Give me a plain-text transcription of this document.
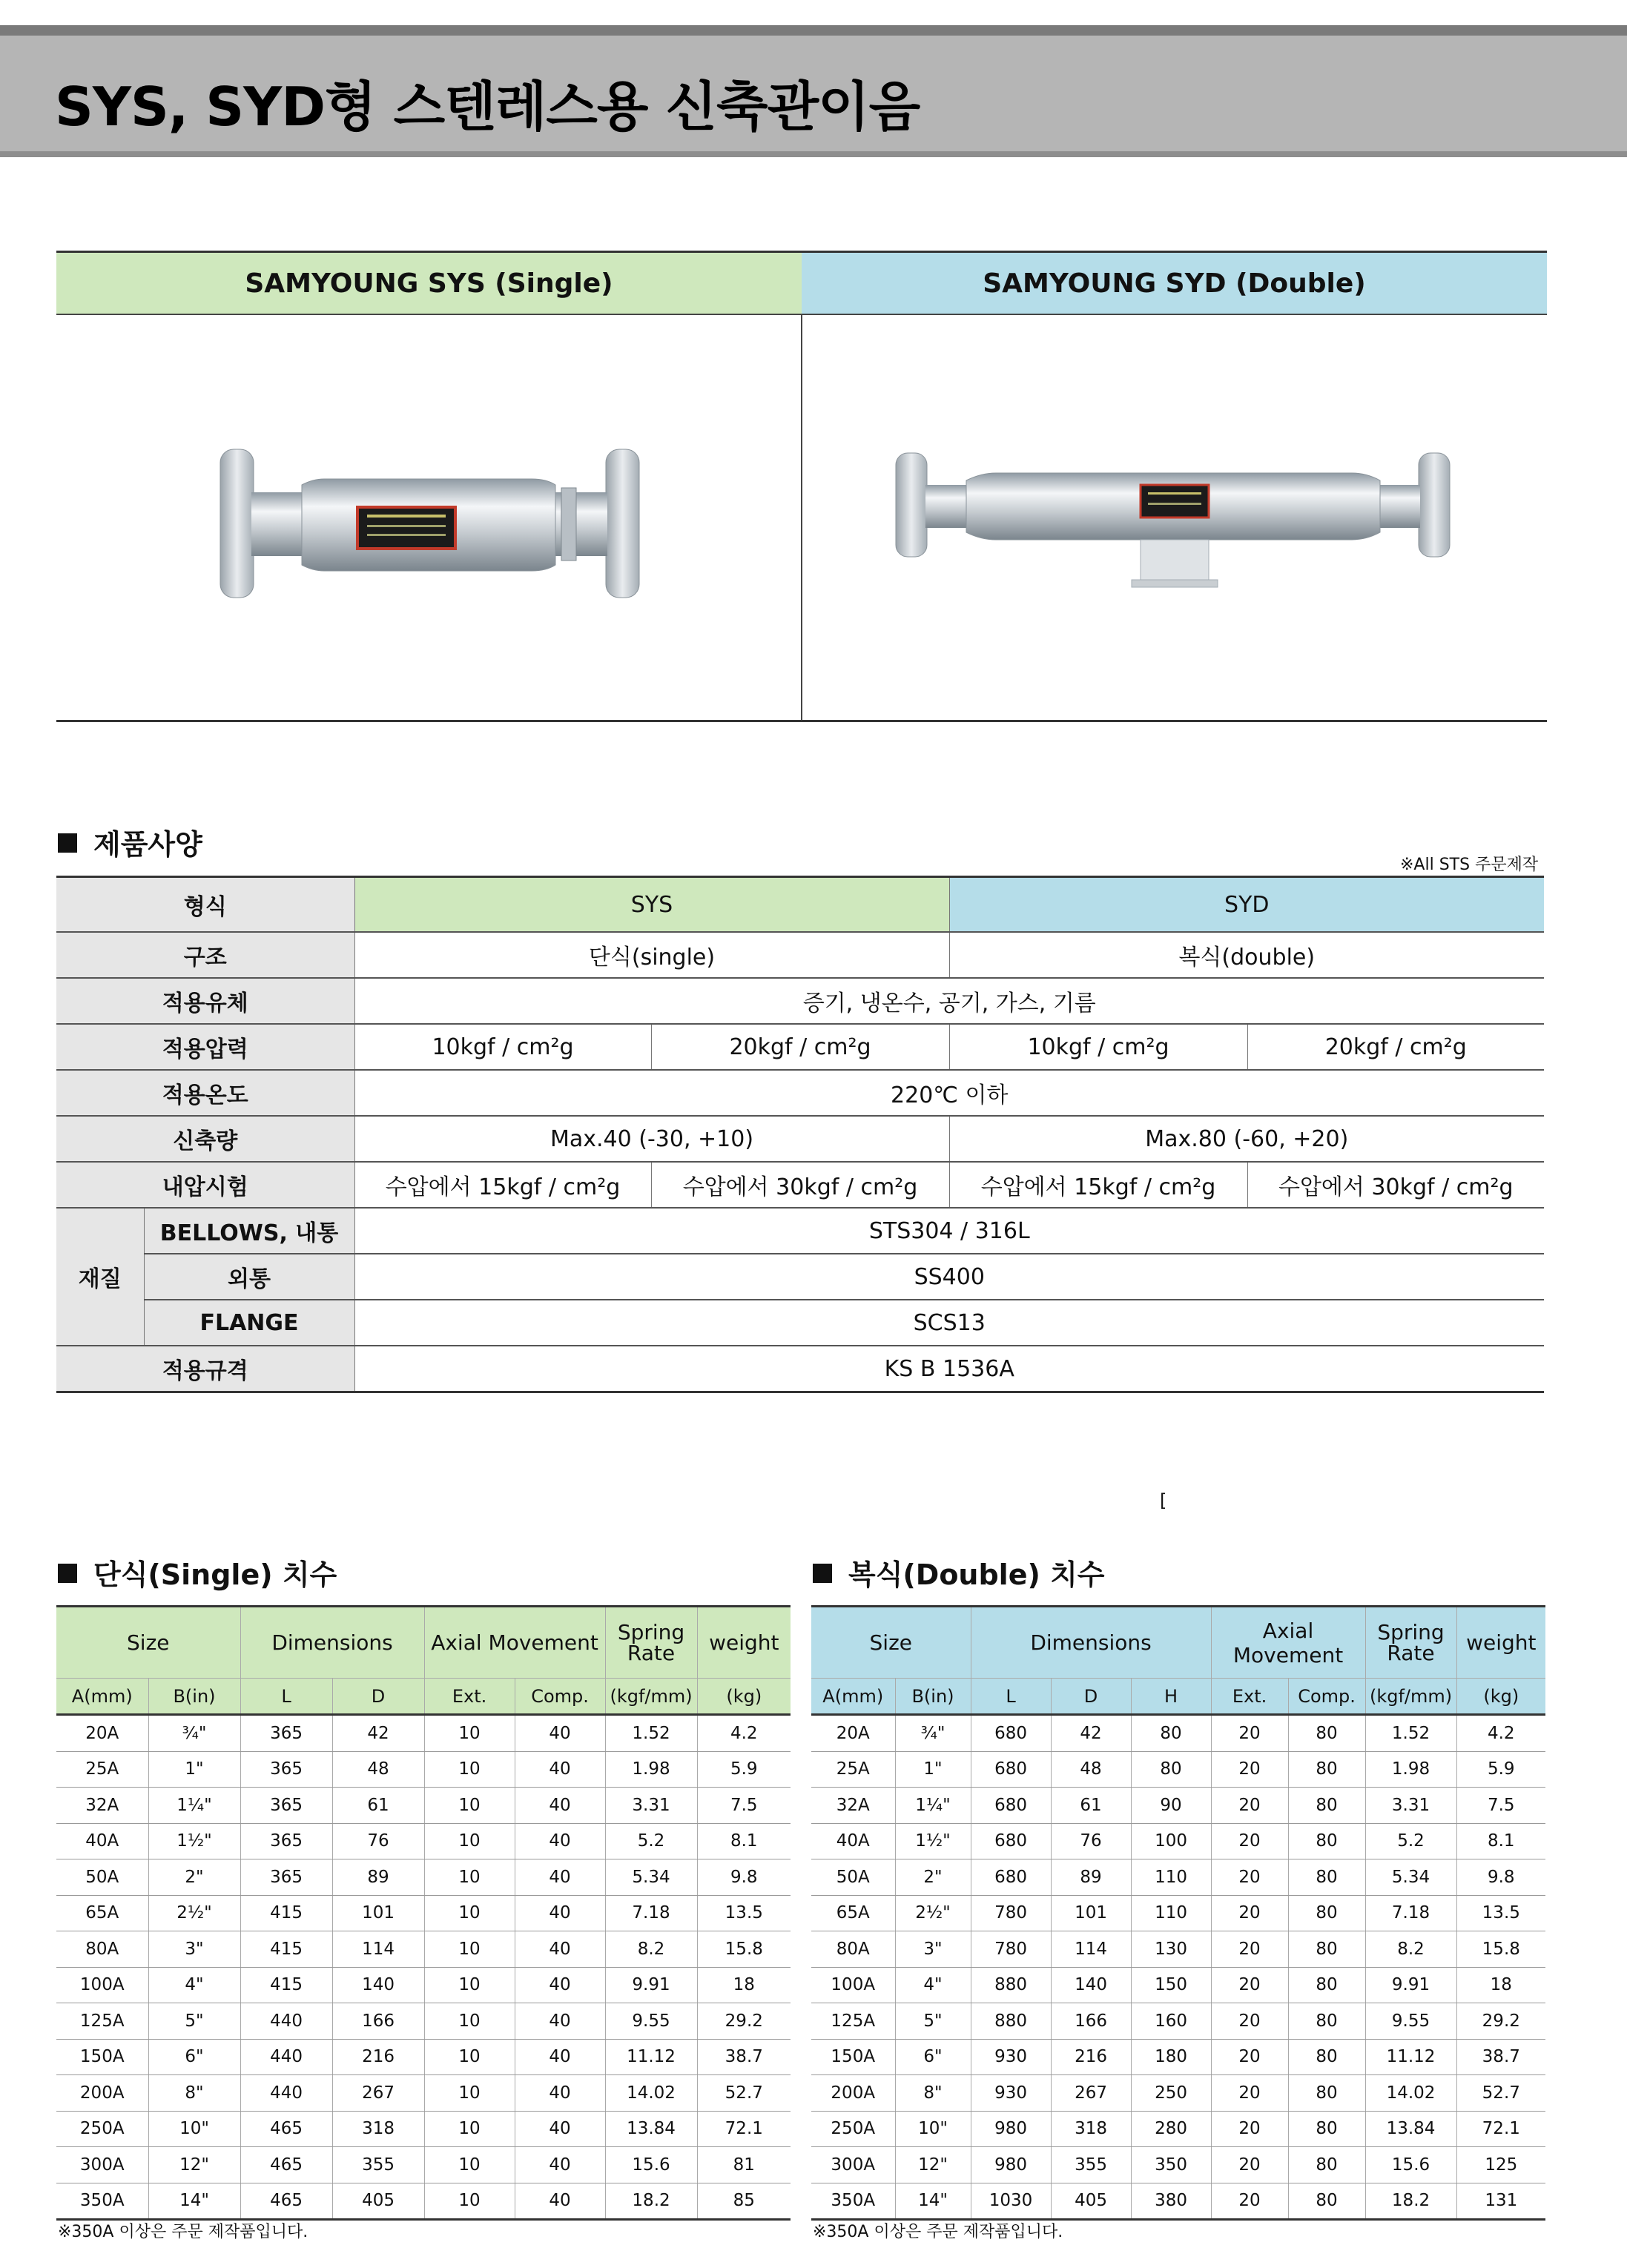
SYS, SYD형 스텐레스용 신축관이음
SAMYOUNG SYS (Single)	SAMYOUNG SYD (Double)

제품사양
※All STS 주문제작
형식		SYS		SYD	
구조		단식(single)		복식(double)	
적용유체		증기, 냉온수, 공기, 가스, 기름			
적용압력		10kgf / cm²g	20kgf / cm²g	10kgf / cm²g	20kgf / cm²g
적용온도		220℃ 이하			
신축량		Max.40 (-30, +10)		Max.80 (-60, +20)	
내압시험		수압에서 15kgf / cm²g	수압에서 30kgf / cm²g	수압에서 15kgf / cm²g	수압에서 30kgf / cm²g
재질	BELLOWS, 내통	STS304 / 316L			
	외통	SS400			
	FLANGE	SCS13			
적용규격		KS B 1536A			
[
단식(Single) 치수	복식(Double) 치수
Size		Dimensions		Axial Movement		Spring Rate	weight
A(mm)	B(in)	L	D	Ext.	Comp.	(kgf/mm)	(kg)
20A	¾"	365	42	10	40	1.52	4.2
25A	1"	365	48	10	40	1.98	5.9
32A	1¼"	365	61	10	40	3.31	7.5
40A	1½"	365	76	10	40	5.2	8.1
50A	2"	365	89	10	40	5.34	9.8
65A	2½"	415	101	10	40	7.18	13.5
80A	3"	415	114	10	40	8.2	15.8
100A	4"	415	140	10	40	9.91	18
125A	5"	440	166	10	40	9.55	29.2
150A	6"	440	216	10	40	11.12	38.7
200A	8"	440	267	10	40	14.02	52.7
250A	10"	465	318	10	40	13.84	72.1
300A	12"	465	355	10	40	15.6	81
350A	14"	465	405	10	40	18.2	85
Size		Dimensions			Axial Movement		Spring Rate	weight
A(mm)	B(in)	L	D	H	Ext.	Comp.	(kgf/mm)	(kg)
20A	¾"	680	42	80	20	80	1.52	4.2
25A	1"	680	48	80	20	80	1.98	5.9
32A	1¼"	680	61	90	20	80	3.31	7.5
40A	1½"	680	76	100	20	80	5.2	8.1
50A	2"	680	89	110	20	80	5.34	9.8
65A	2½"	780	101	110	20	80	7.18	13.5
80A	3"	780	114	130	20	80	8.2	15.8
100A	4"	880	140	150	20	80	9.91	18
125A	5"	880	166	160	20	80	9.55	29.2
150A	6"	930	216	180	20	80	11.12	38.7
200A	8"	930	267	250	20	80	14.02	52.7
250A	10"	980	318	280	20	80	13.84	72.1
300A	12"	980	355	350	20	80	15.6	125
350A	14"	1030	405	380	20	80	18.2	131
※350A 이상은 주문 제작품입니다.	※350A 이상은 주문 제작품입니다.
